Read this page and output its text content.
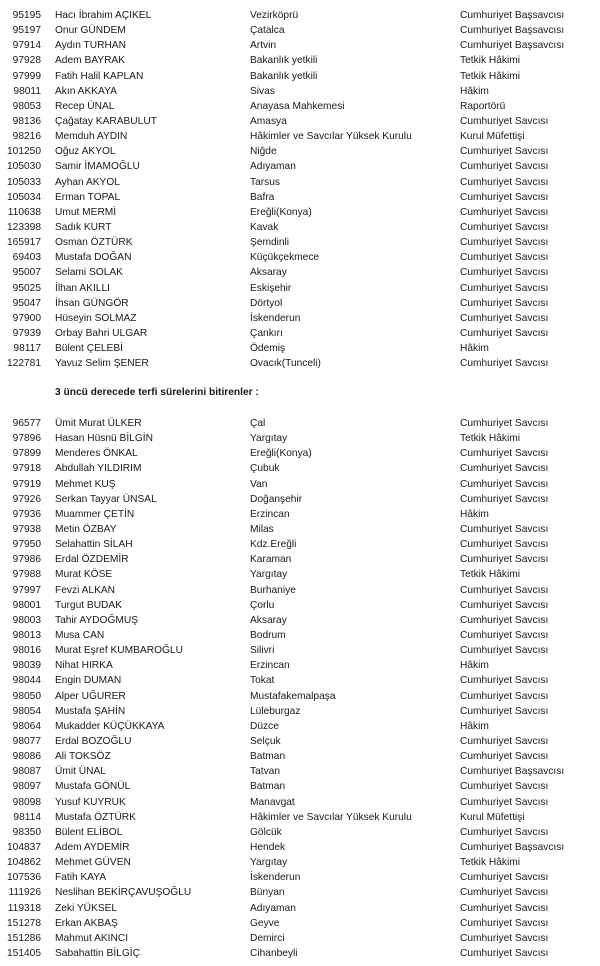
95195 Hacı İbrahim AÇIKEL	Vezirköprü	Cumhuriyet Başsavcısı
95197 Onur GÜNDEM	Çatalca	Cumhuriyet Başsavcısı
97914 Aydın TURHAN	Artvin	Cumhuriyet Başsavcısı
97928 Adem BAYRAK	Bakanlık yetkili	Tetkik Hâkimi
97999 Fatih Halil KAPLAN	Bakanlık yetkili	Tetkik Hâkimi
98011 Akın AKKAYA	Sivas	Hâkim
98053 Recep ÜNAL	Anayasa Mahkemesi	Raportörü
98136 Çağatay KARABULUT	Amasya	Cumhuriyet Savcısı
98216 Memduh AYDIN	Hâkimler ve Savcılar Yüksek Kurulu	Kurul Müfettişi
101250 Oğuz AKYOL	Niğde	Cumhuriyet Savcısı
105030 Samir İMAMOĞLU	Adıyaman	Cumhuriyet Savcısı
105033 Ayhan AKYOL	Tarsus	Cumhuriyet Savcısı
105034 Erman TOPAL	Bafra	Cumhuriyet Savcısı
110638 Umut MERMİ	Ereğli(Konya)	Cumhuriyet Savcısı
123398 Sadık KURT	Kavak	Cumhuriyet Savcısı
165917 Osman ÖZTÜRK	Şemdinli	Cumhuriyet Savcısı
69403 Mustafa DOĞAN	Küçükçekmece	Cumhuriyet Savcısı
95007 Selami SOLAK	Aksaray	Cumhuriyet Savcısı
95025 İlhan AKILLI	Eskişehir	Cumhuriyet Savcısı
95047 İhsan GÜNGÖR	Dörtyol	Cumhuriyet Savcısı
97900 Hüseyin SOLMAZ	İskenderun	Cumhuriyet Savcısı
97939 Orbay Bahri ULGAR	Çankırı	Cumhuriyet Savcısı
98117 Bülent ÇELEBİ	Ödemiş	Hâkim
122781 Yavuz Selim ŞENER	Ovacık(Tunceli)	Cumhuriyet Savcısı
3 üncü derecede terfi sürelerini bitirenler :
96577 Ümit Murat ÜLKER	Çal	Cumhuriyet Savcısı
97896 Hasan Hüsnü BİLGİN	Yargıtay	Tetkik Hâkimi
97899 Menderes ÖNKAL	Ereğli(Konya)	Cumhuriyet Savcısı
97918 Abdullah YILDIRIM	Çubuk	Cumhuriyet Savcısı
97919 Mehmet KUŞ	Van	Cumhuriyet Savcısı
97926 Serkan Tayyar ÜNSAL	Doğanşehir	Cumhuriyet Savcısı
97936 Muammer ÇETİN	Erzincan	Hâkim
97938 Metin ÖZBAY	Milas	Cumhuriyet Savcısı
97950 Selahattin SİLAH	Kdz.Ereğli	Cumhuriyet Savcısı
97986 Erdal ÖZDEMİR	Karaman	Cumhuriyet Savcısı
97988 Murat KÖSE	Yargıtay	Tetkik Hâkimi
97997 Fevzi ALKAN	Burhaniye	Cumhuriyet Savcısı
98001 Turgut BUDAK	Çorlu	Cumhuriyet Savcısı
98003 Tahir AYDOĞMUŞ	Aksaray	Cumhuriyet Savcısı
98013 Musa CAN	Bodrum	Cumhuriyet Savcısı
98016 Murat Eşref KUMBAROĞLU	Silivri	Cumhuriyet Savcısı
98039 Nihat HIRKA	Erzincan	Hâkim
98044 Engin DUMAN	Tokat	Cumhuriyet Savcısı
98050 Alper UĞURER	Mustafakemalpaşa	Cumhuriyet Savcısı
98054 Mustafa ŞAHİN	Lüleburgaz	Cumhuriyet Savcısı
98064 Mukadder KÜÇÜKKAYA	Düzce	Hâkim
98077 Erdal BOZOĞLU	Selçuk	Cumhuriyet Savcısı
98086 Ali TOKSÖZ	Batman	Cumhuriyet Savcısı
98087 Ümit ÜNAL	Tatvan	Cumhuriyet Başsavcısı
98097 Mustafa GÖNÜL	Batman	Cumhuriyet Savcısı
98098 Yusuf KUYRUK	Manavgat	Cumhuriyet Savcısı
98114 Mustafa ÖZTÜRK	Hâkimler ve Savcılar Yüksek Kurulu	Kurul Müfettişi
98350 Bülent ELİBOL	Gölcük	Cumhuriyet Savcısı
104837 Adem AYDEMİR	Hendek	Cumhuriyet Başsavcısı
104862 Mehmet GÜVEN	Yargıtay	Tetkik Hâkimi
107536 Fatih KAYA	İskenderun	Cumhuriyet Savcısı
111926 Neslihan BEKİRÇAVUŞOĞLU	Bünyan	Cumhuriyet Savcısı
119318 Zeki YÜKSEL	Adıyaman	Cumhuriyet Savcısı
151278 Erkan AKBAŞ	Geyve	Cumhuriyet Savcısı
151286 Mahmut AKINCI	Demirci	Cumhuriyet Savcısı
151405 Sabahattin BİLGİÇ	Cihanbeyli	Cumhuriyet Savcısı
